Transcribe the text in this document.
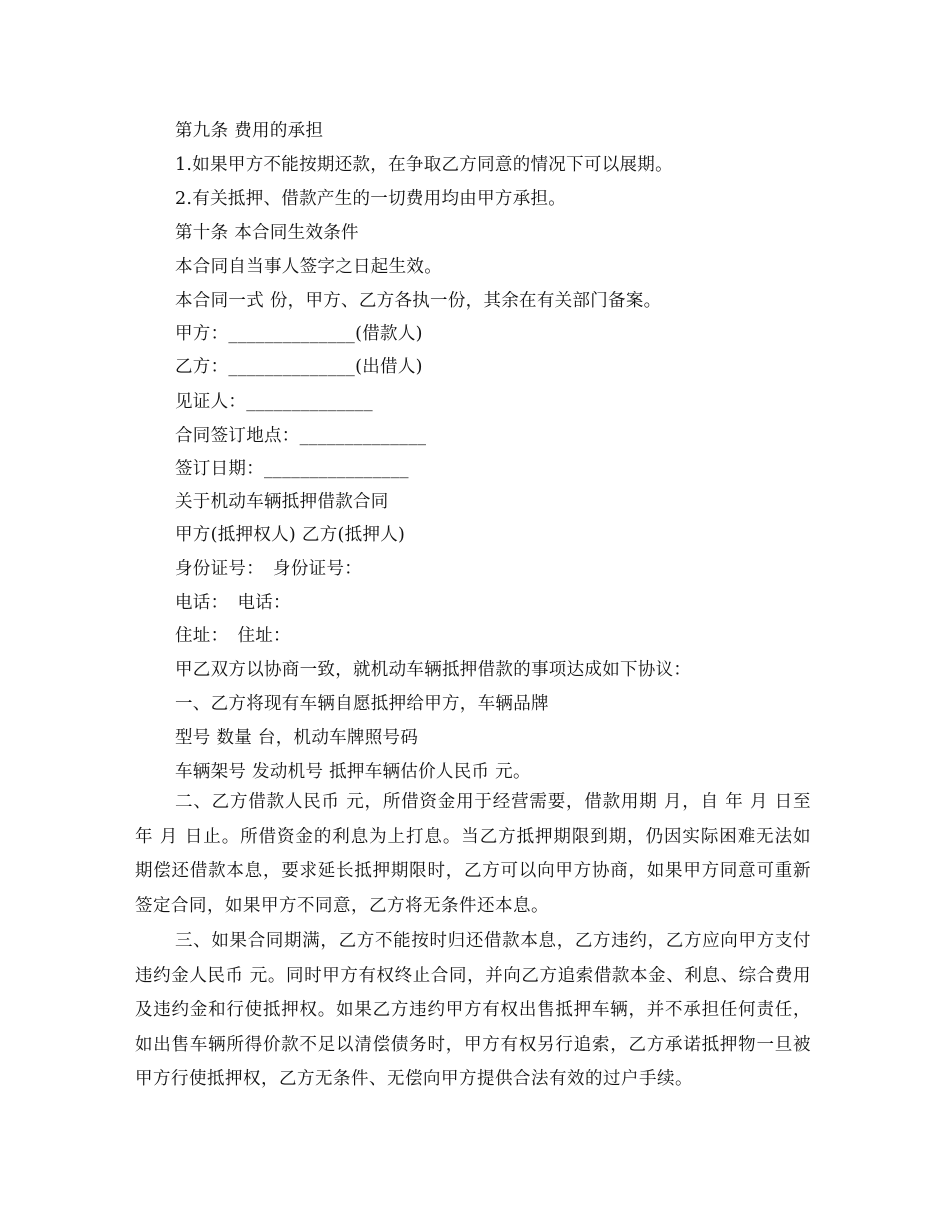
第九条 费用的承担
1.如果甲方不能按期还款，在争取乙方同意的情况下可以展期。
2.有关抵押、借款产生的一切费用均由甲方承担。
第十条 本合同生效条件
本合同自当事人签字之日起生效。
本合同一式 份，甲方、乙方各执一份，其余在有关部门备案。
甲方：______________(借款人)
乙方：______________(出借人)
见证人：______________
合同签订地点：______________
签订日期：________________
关于机动车辆抵押借款合同
甲方(抵押权人) 乙方(抵押人)
身份证号：　身份证号：
电话：　电话：
住址：　住址：
甲乙双方以协商一致，就机动车辆抵押借款的事项达成如下协议：
一、乙方将现有车辆自愿抵押给甲方，车辆品牌
型号 数量 台，机动车牌照号码
车辆架号 发动机号 抵押车辆估价人民币 元。
二、乙方借款人民币 元，所借资金用于经营需要，借款用期 月，自 年 月 日至 年 月 日止。所借资金的利息为上打息。当乙方抵押期限到期，仍因实际困难无法如期偿还借款本息，要求延长抵押期限时，乙方可以向甲方协商，如果甲方同意可重新签定合同，如果甲方不同意，乙方将无条件还本息。
三、如果合同期满，乙方不能按时归还借款本息，乙方违约，乙方应向甲方支付违约金人民币 元。同时甲方有权终止合同，并向乙方追索借款本金、利息、综合费用及违约金和行使抵押权。如果乙方违约甲方有权出售抵押车辆，并不承担任何责任，如出售车辆所得价款不足以清偿债务时，甲方有权另行追索，乙方承诺抵押物一旦被甲方行使抵押权，乙方无条件、无偿向甲方提供合法有效的过户手续。
